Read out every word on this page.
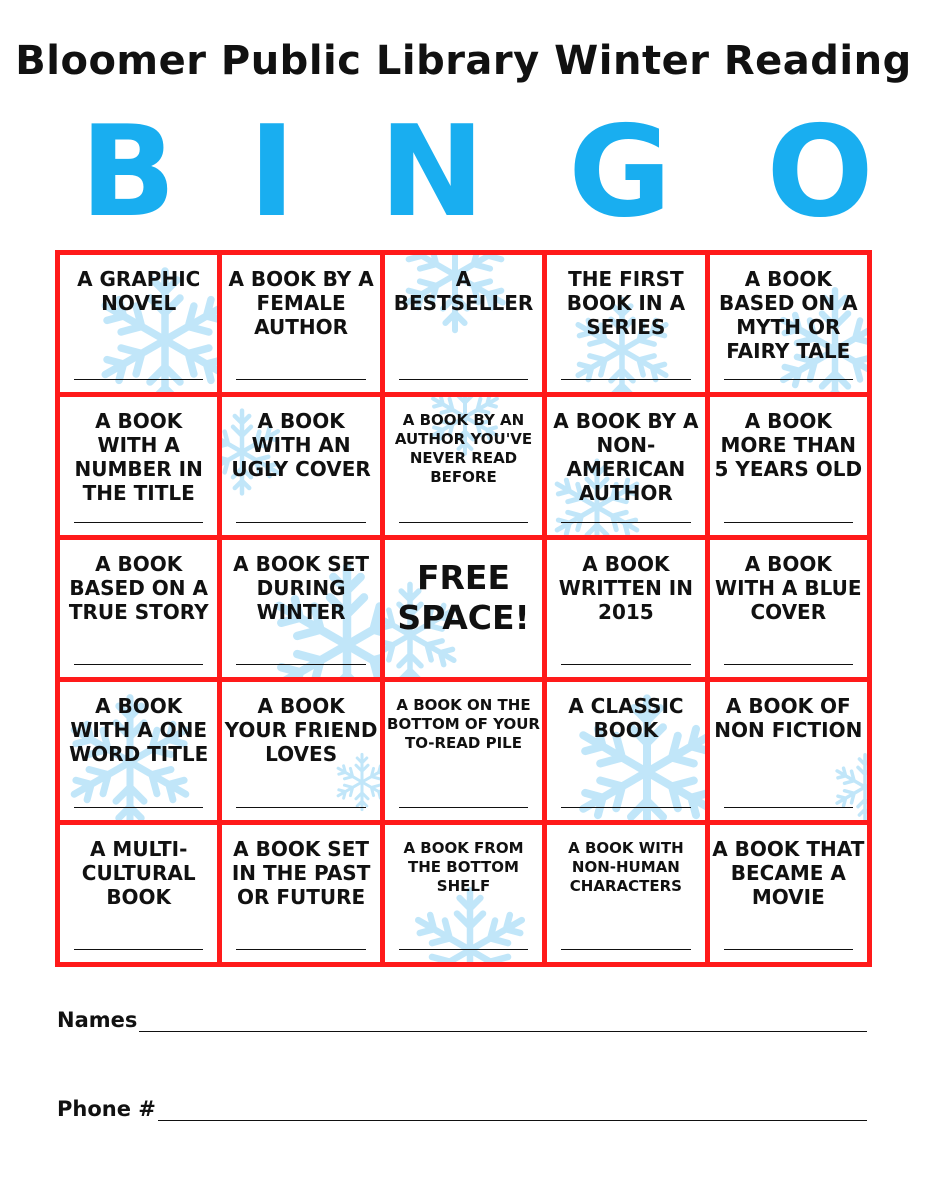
Bloomer Public Library Winter Reading
B I N G O
A GRAPHIC NOVEL
A BOOK BY A FEMALE AUTHOR
A BESTSELLER
THE FIRST BOOK IN A SERIES
A BOOK BASED ON A MYTH OR FAIRY TALE
A BOOK WITH A NUMBER IN THE TITLE
A BOOK WITH AN UGLY COVER
A BOOK BY AN AUTHOR YOU'VE NEVER READ BEFORE
A BOOK BY A NON-AMERICAN AUTHOR
A BOOK MORE THAN 5 YEARS OLD
A BOOK BASED ON A TRUE STORY
A BOOK SET DURING WINTER
FREE SPACE!
A BOOK WRITTEN IN 2015
A BOOK WITH A BLUE COVER
A BOOK WITH A ONE WORD TITLE
A BOOK YOUR FRIEND LOVES
A BOOK ON THE BOTTOM OF YOUR TO-READ PILE
A CLASSIC BOOK
A BOOK OF NON FICTION
A MULTI-CULTURAL BOOK
A BOOK SET IN THE PAST OR FUTURE
A BOOK FROM THE BOTTOM SHELF
A BOOK WITH NON-HUMAN CHARACTERS
A BOOK THAT BECAME A MOVIE
Names
Phone #
